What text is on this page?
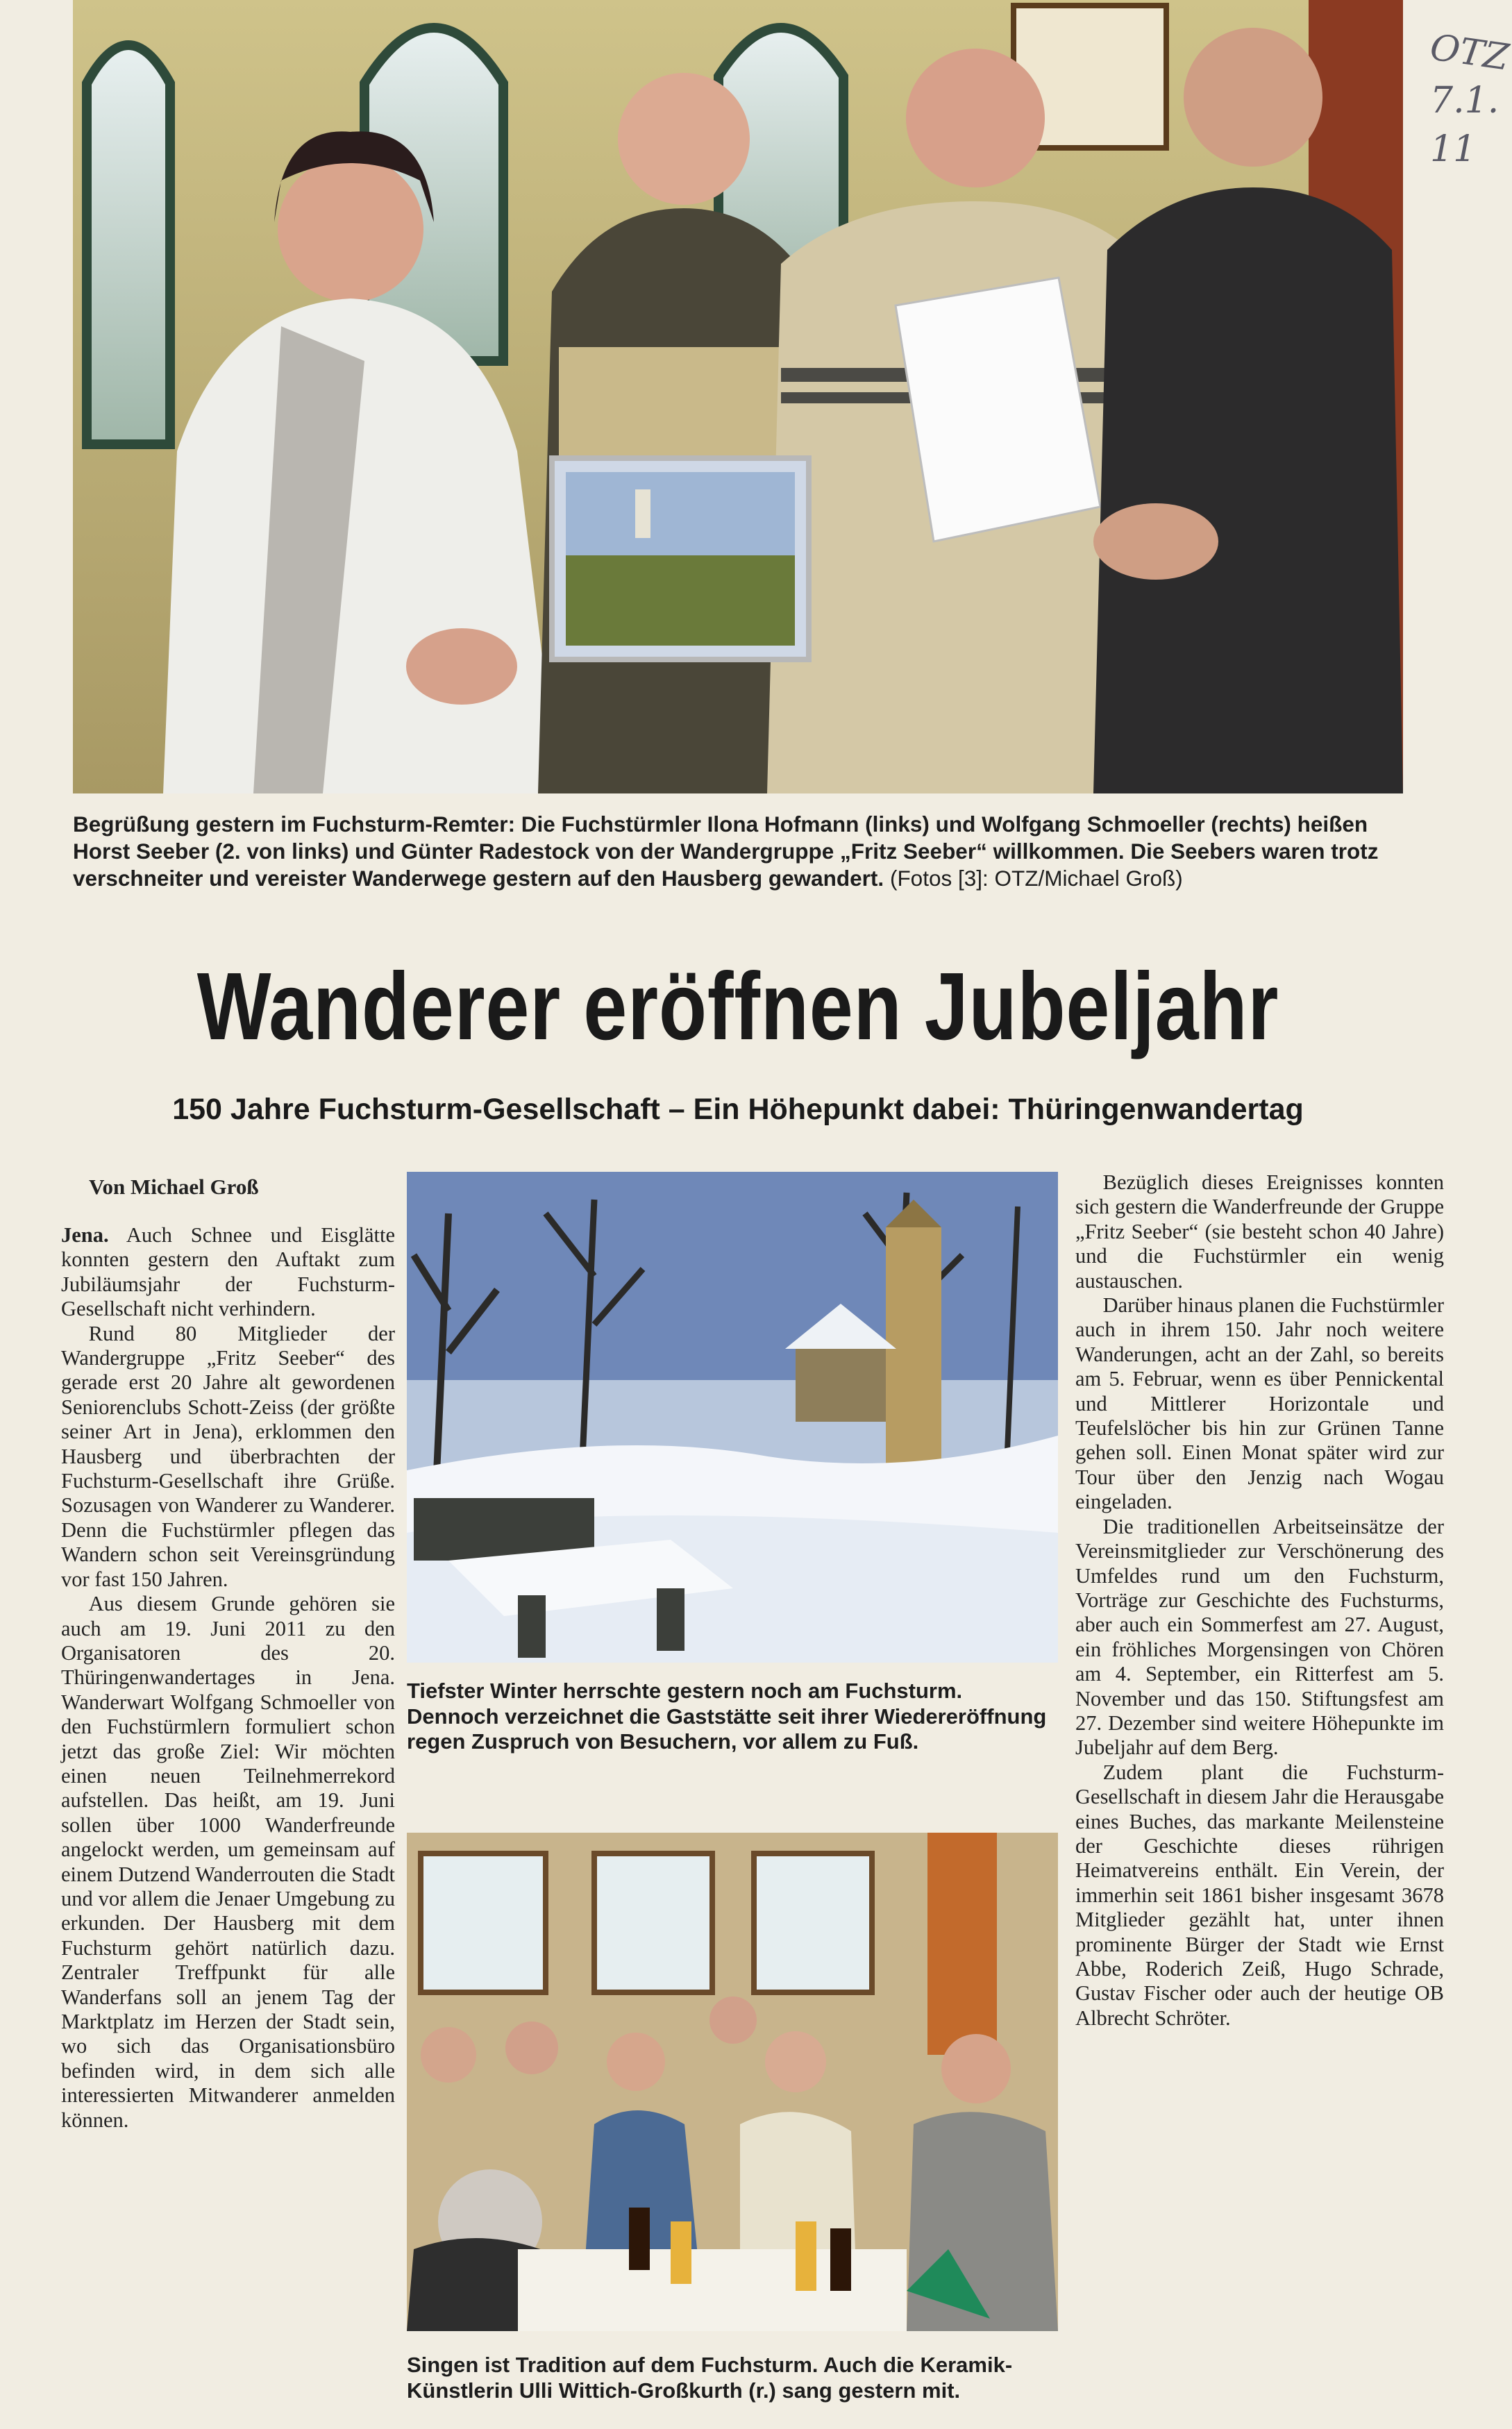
OTZ
7.1.
11
Begrüßung gestern im Fuchsturm-Remter: Die Fuchstürmler Ilona Hofmann (links) und Wolfgang Schmoeller (rechts) heißen Horst Seeber (2. von links) und Günter Radestock von der Wandergruppe „Fritz Seeber“ willkommen. Die Seebers waren trotz verschneiter und vereister Wanderwege gestern auf den Hausberg gewandert. (Fotos [3]: OTZ/Michael Groß)
Wanderer eröffnen Jubeljahr
150 Jahre Fuchsturm-Gesellschaft – Ein Höhepunkt dabei: Thüringenwandertag
Von Michael Groß

Jena. Auch Schnee und Eisglätte konnten gestern den Auftakt zum Jubiläumsjahr der Fuchsturm-Gesellschaft nicht verhindern.

Rund 80 Mitglieder der Wandergruppe „Fritz Seeber“ des gerade erst 20 Jahre alt gewordenen Seniorenclubs Schott-Zeiss (der größte seiner Art in Jena), erklommen den Hausberg und überbrachten der Fuchsturm-Gesellschaft ihre Grüße. Sozusagen von Wanderer zu Wanderer. Denn die Fuchstürmler pflegen das Wandern schon seit Vereinsgründung vor fast 150 Jahren.

Aus diesem Grunde gehören sie auch am 19. Juni 2011 zu den Organisatoren des 20. Thüringenwandertages in Jena. Wanderwart Wolfgang Schmoeller von den Fuchstürmlern formuliert schon jetzt das große Ziel: Wir möchten einen neuen Teilnehmerrekord aufstellen. Das heißt, am 19. Juni sollen über 1000 Wanderfreunde angelockt werden, um gemeinsam auf einem Dutzend Wanderrouten die Stadt und vor allem die Jenaer Umgebung zu erkunden. Der Hausberg mit dem Fuchsturm gehört natürlich dazu. Zentraler Treffpunkt für alle Wanderfans soll an jenem Tag der Marktplatz im Herzen der Stadt sein, wo sich das Organisationsbüro befinden wird, in dem sich alle interessierten Mitwanderer anmelden können.

Tiefster Winter herrschte gestern noch am Fuchsturm. Dennoch verzeichnet die Gaststätte seit ihrer Wiedereröffnung regen Zuspruch von Besuchern, vor allem zu Fuß.
Singen ist Tradition auf dem Fuchsturm. Auch die Keramik-Künstlerin Ulli Wittich-Großkurth (r.) sang gestern mit.

Bezüglich dieses Ereignisses konnten sich gestern die Wanderfreunde der Gruppe „Fritz Seeber“ (sie besteht schon 40 Jahre) und die Fuchstürmler ein wenig austauschen.

Darüber hinaus planen die Fuchstürmler auch in ihrem 150. Jahr noch weitere Wanderungen, acht an der Zahl, so bereits am 5. Februar, wenn es über Pennickental und Mittlerer Horizontale und Teufelslöcher bis hin zur Grünen Tanne gehen soll. Einen Monat später wird zur Tour über den Jenzig nach Wogau eingeladen.

Die traditionellen Arbeitseinsätze der Vereinsmitglieder zur Verschönerung des Umfeldes rund um den Fuchsturm, Vorträge zur Geschichte des Fuchsturms, aber auch ein Sommerfest am 27. August, ein fröhliches Morgensingen von Chören am 4. September, ein Ritterfest am 5. November und das 150. Stiftungsfest am 27. Dezember sind weitere Höhepunkte im Jubeljahr auf dem Berg.

Zudem plant die Fuchsturm-Gesellschaft in diesem Jahr die Herausgabe eines Buches, das markante Meilensteine der Geschichte dieses rührigen Heimatvereins enthält. Ein Verein, der immerhin seit 1861 bisher insgesamt 3678 Mitglieder gezählt hat, unter ihnen prominente Bürger der Stadt wie Ernst Abbe, Roderich Zeiß, Hugo Schrade, Gustav Fischer oder auch der heutige OB Albrecht Schröter.
